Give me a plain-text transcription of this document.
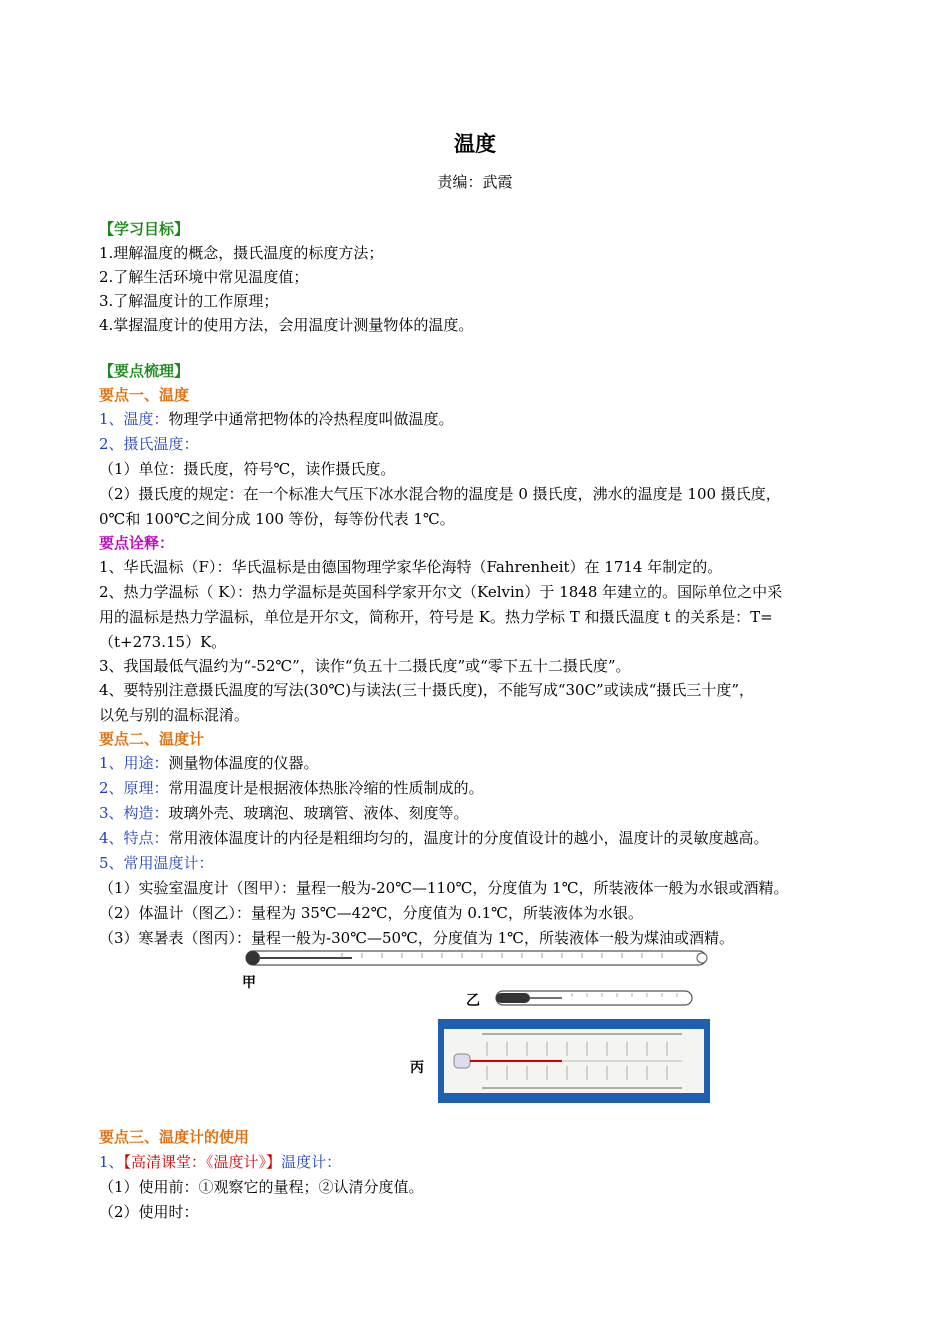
温度
责编：武霞
【学习目标】
1.理解温度的概念，摄氏温度的标度方法；
2.了解生活环境中常见温度值；
3.了解温度计的工作原理；
4.掌握温度计的使用方法，会用温度计测量物体的温度。
【要点梳理】
要点一、温度
1、温度：物理学中通常把物体的冷热程度叫做温度。
2、摄氏温度：
（1）单位：摄氏度，符号℃，读作摄氏度。
（2）摄氏度的规定：在一个标准大气压下冰水混合物的温度是 0 摄氏度，沸水的温度是 100 摄氏度，
0℃和 100℃之间分成 100 等份，每等份代表 1℃。
要点诠释：
1、华氏温标（F）：华氏温标是由德国物理学家华伦海特（Fahrenheit）在 1714 年制定的。
2、热力学温标（ K）：热力学温标是英国科学家开尔文（Kelvin）于 1848 年建立的。国际单位之中采
用的温标是热力学温标，单位是开尔文，简称开，符号是 K。热力学标 T 和摄氏温度 t 的关系是：T=
（t+273.15）K。
3、我国最低气温约为“-52℃”，读作“负五十二摄氏度”或“零下五十二摄氏度”。
4、要特别注意摄氏温度的写法(30℃)与读法(三十摄氏度)，不能写成“30C”或读成“摄氏三十度”，
以免与别的温标混淆。
要点二、温度计
1、用途：测量物体温度的仪器。
2、原理：常用温度计是根据液体热胀冷缩的性质制成的。
3、构造：玻璃外壳、玻璃泡、玻璃管、液体、刻度等。
4、特点：常用液体温度计的内径是粗细均匀的，温度计的分度值设计的越小，温度计的灵敏度越高。
5、常用温度计：
（1）实验室温度计（图甲）：量程一般为-20℃—110℃，分度值为 1℃，所装液体一般为水银或酒精。
（2）体温计（图乙）：量程为 35℃—42℃，分度值为 0.1℃，所装液体为水银。
（3）寒暑表（图丙）：量程一般为-30℃—50℃，分度值为 1℃，所装液体一般为煤油或酒精。
甲
乙
丙
要点三、温度计的使用
1、【高清课堂：《温度计》】温度计：
（1）使用前：①观察它的量程；②认清分度值。
（2）使用时：
